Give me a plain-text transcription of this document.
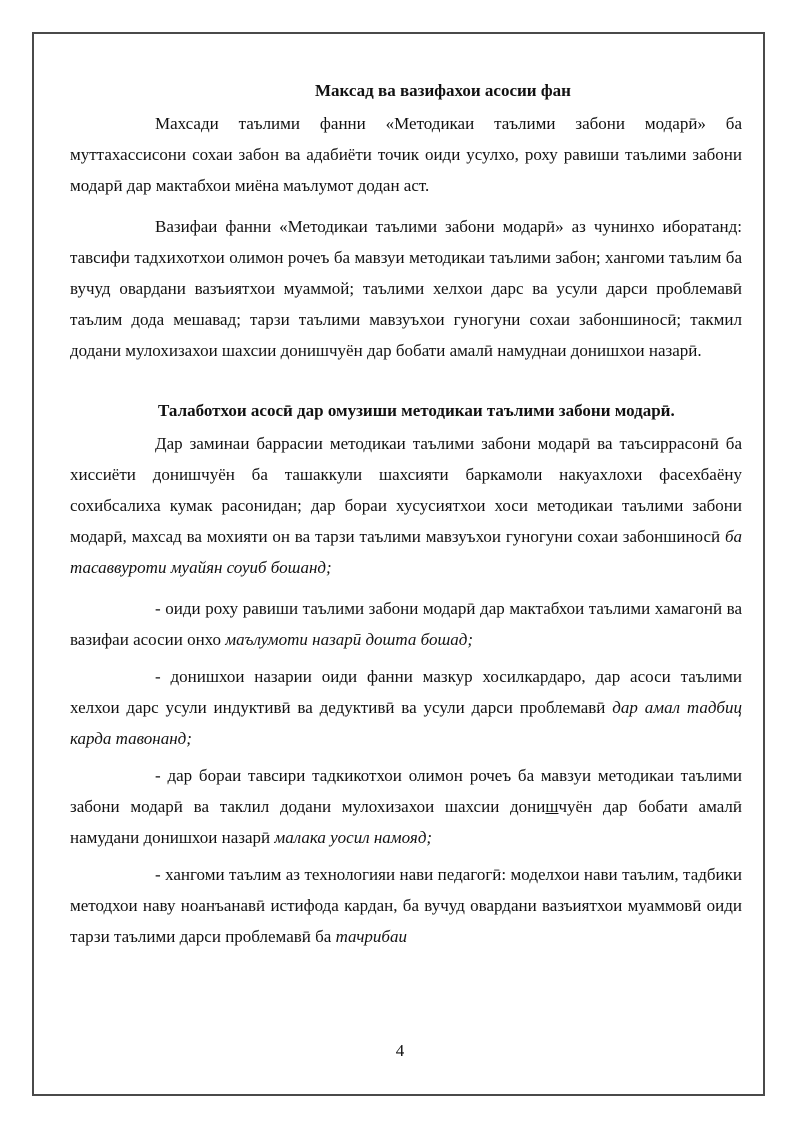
Максад ва вазифахои асосии фан

Махсади таълими фанни «Методикаи таълими забони модарӣ» ба муттахассисони сохаи забон ва адабиёти точик оиди усулхо, роху равиши таълими забони модарӣ дар мактабхои миёна маълумот додан аст.

Вазифаи фанни «Методикаи таълими забони модарӣ» аз чунинхо иборатанд: тавсифи тадхихотхои олимон рочеъ ба мавзуи методикаи таълими забон; хангоми таълим ба вучуд овардани вазъиятхои муаммой; таълими хелхои дарс ва усули дарси проблемавӣ таълим дода мешавад; тарзи таълими мавзуъхои гуногуни сохаи забоншиносӣ; такмил додани мулохизахои шахсии донишчуён дар бобати амалӣ намуднаи донишхои назарӣ.

Талаботхои асосӣ дар омузиши методикаи таълими забони модарӣ.

Дар заминаи баррасии методикаи таълими забони модарӣ ва таъсиррасонӣ ба хиссиёти донишчуён ба ташаккули шахсияти баркамоли накуахлохи фасехбаёну сохибсалиха кумак расонидан; дар бораи хусусиятхои хоси методикаи таълими забони модарӣ, махсад ва мохияти он ва тарзи таълими мавзуъхои гуногуни сохаи забоншиносӣ ба тасаввуроти муайян соуиб бошанд;

- оиди роху равиши таълими забони модарӣ дар мактабхои таълими хамагонӣ ва вазифаи асосии онхо маълумоти назарӣ дошта бошад;

- донишхои назарии оиди фанни мазкур хосилкардаро, дар асоси таълими хелхои дарс усули индуктивӣ ва дедуктивӣ ва усули дарси проблемавӣ дар амал тадбиц карда тавонанд;

- дар бораи тавсири тадкикотхои олимон рочеъ ба мавзуи методикаи таълими забони модарӣ ва таклил додани мулохизахои шахсии донишчуён дар бобати амалӣ намудани донишхои назарӣ малака уосил намояд;

- хангоми таълим аз технологияи нави педагогӣ: моделхои нави таълим, тадбики методхои наву ноанъанавӣ истифода кардан, ба вучуд овардани вазъиятхои муаммовӣ оиди тарзи таълими дарси проблемавӣ ба тачрибаи

4
